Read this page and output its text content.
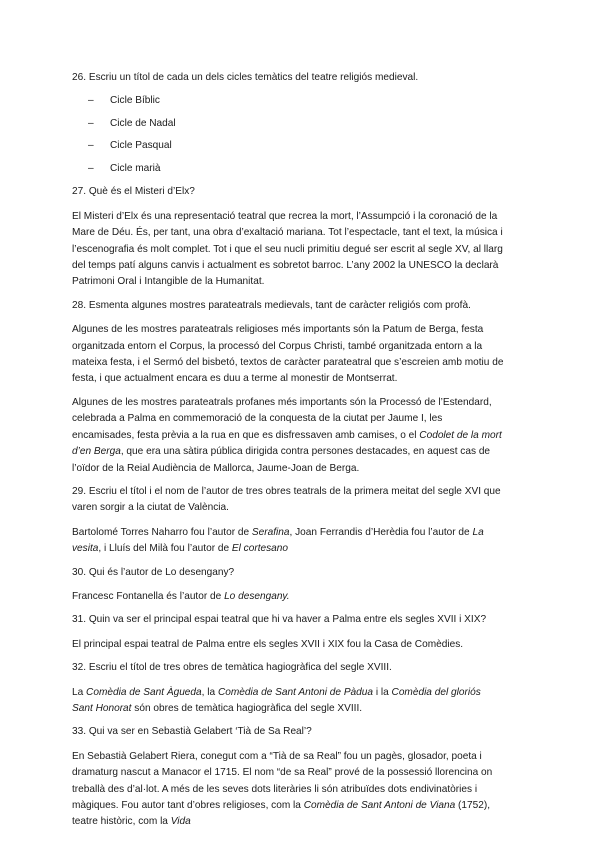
26. Escriu un títol de cada un dels cicles temàtics del teatre religiós medieval.

– Cicle Bíblic
– Cicle de Nadal
– Cicle Pasqual
– Cicle marià

27. Què és el Misteri d’Elx?

El Misteri d’Elx és una representació teatral que recrea la mort, l’Assumpció i la coronació de la Mare de Déu. És, per tant, una obra d’exaltació mariana. Tot l’espectacle, tant el text, la música i l’escenografia és molt complet. Tot i que el seu nucli primitiu degué ser escrit al segle XV, al llarg del temps patí alguns canvis i actualment es sobretot barroc. L’any 2002 la UNESCO la declarà Patrimoni Oral i Intangible de la Humanitat.

28. Esmenta algunes mostres parateatrals medievals, tant de caràcter religiós com profà.

Algunes de les mostres parateatrals religioses més importants són la Patum de Berga, festa organitzada entorn el Corpus, la processó del Corpus Christi, també organitzada entorn a la mateixa festa, i el Sermó del bisbetó, textos de caràcter parateatral que s’escreien amb motiu de festa, i que actualment encara es duu a terme al monestir de Montserrat.

Algunes de les mostres parateatrals profanes més importants són la Processó de l’Estendard, celebrada a Palma en commemoració de la conquesta de la ciutat per Jaume I, les encamisades, festa prèvia a la rua en que es disfressaven amb camises, o el Codolet de la mort d’en Berga, que era una sàtira pública dirigida contra persones destacades, en aquest cas de l’oïdor de la Reial Audiència de Mallorca, Jaume-Joan de Berga.

29. Escriu el títol i el nom de l’autor de tres obres teatrals de la primera meitat del segle XVI que varen sorgir a la ciutat de València.

Bartolomé Torres Naharro fou l’autor de Serafina, Joan Ferrandis d’Herèdia fou l’autor de La vesita, i Lluís del Milà fou l’autor de El cortesano

30. Qui és l’autor de Lo desengany?

Francesc Fontanella és l’autor de Lo desengany.

31. Quin va ser el principal espai teatral que hi va haver a Palma entre els segles XVII i XIX?

El principal espai teatral de Palma entre els segles XVII i XIX fou la Casa de Comèdies.

32. Escriu el títol de tres obres de temàtica hagiogràfica del segle XVIII.

La Comèdia de Sant Àgueda, la Comèdia de Sant Antoni de Pàdua i la Comèdia del gloriós Sant Honorat són obres de temàtica hagiogràfica del segle XVIII.

33. Qui va ser en Sebastià Gelabert ‘Tià de Sa Real’?

En Sebastià Gelabert Riera, conegut com a “Tià de sa Real” fou un pagès, glosador, poeta i dramaturg nascut a Manacor el 1715. El nom “de sa Real” prové de la possessió llorencina on treballà des d’al·lot. A més de les seves dots literàries li són atribuïdes dots endivinatòries i màgiques. Fou autor tant d’obres religioses, com la Comèdia de Sant Antoni de Viana (1752), teatre històric, com la Vida
